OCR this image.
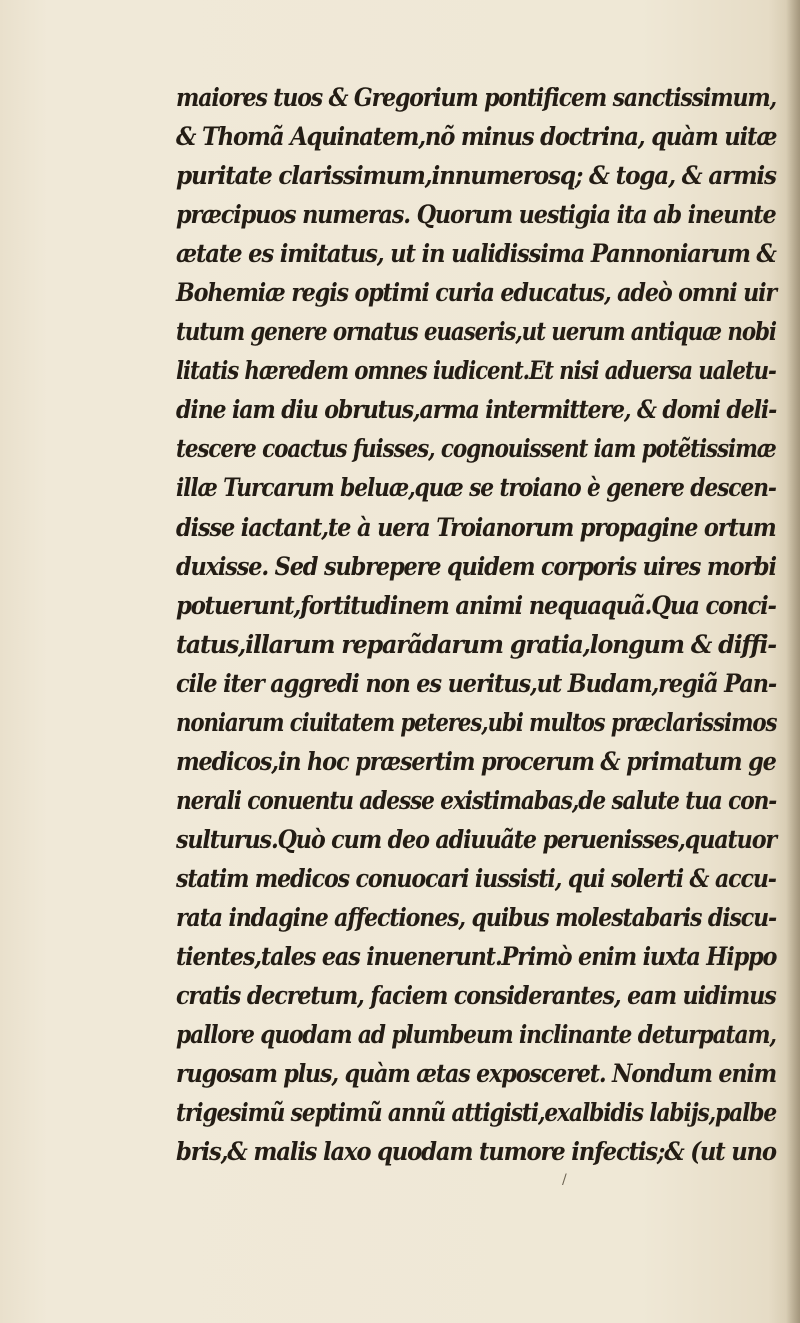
maiores tuos & Gregorium pontificem sanctissimum,
& Thomã Aquinatem,nõ minus doctrina, quàm uitæ
puritate clarissimum,innumerosq; & toga, & armis
præcipuos numeras. Quorum uestigia ita ab ineunte
ætate es imitatus, ut in ualidissima Pannoniarum &
Bohemiæ regis optimi curia educatus, adeò omni uir
tutum genere ornatus euaseris,ut uerum antiquæ nobi
litatis hæredem omnes iudicent.Et nisi aduersa ualetu-
dine iam diu obrutus,arma intermittere, & domi deli-
tescere coactus fuisses, cognouissent iam potẽtissimæ
illæ Turcarum beluæ,quæ se troiano è genere descen-
disse iactant,te à uera Troianorum propagine ortum
duxisse. Sed subrepere quidem corporis uires morbi
potuerunt,fortitudinem animi nequaquã.Qua conci-
tatus,illarum reparãdarum gratia,longum & diffi-
cile iter aggredi non es ueritus,ut Budam,regiã Pan-
noniarum ciuitatem peteres,ubi multos præclarissimos
medicos,in hoc præsertim procerum & primatum ge
nerali conuentu adesse existimabas,de salute tua con-
sulturus.Quò cum deo adiuuãte peruenisses,quatuor
statim medicos conuocari iussisti, qui solerti & accu-
rata indagine affectiones, quibus molestabaris discu-
tientes,tales eas inuenerunt.Primò enim iuxta Hippo
cratis decretum, faciem considerantes, eam uidimus
pallore quodam ad plumbeum inclinante deturpatam,
rugosam plus, quàm ætas exposceret. Nondum enim
trigesimũ septimũ annũ attigisti,exalbidis labijs,palbe
bris,& malis laxo quodam tumore infectis;& (ut uno
/
